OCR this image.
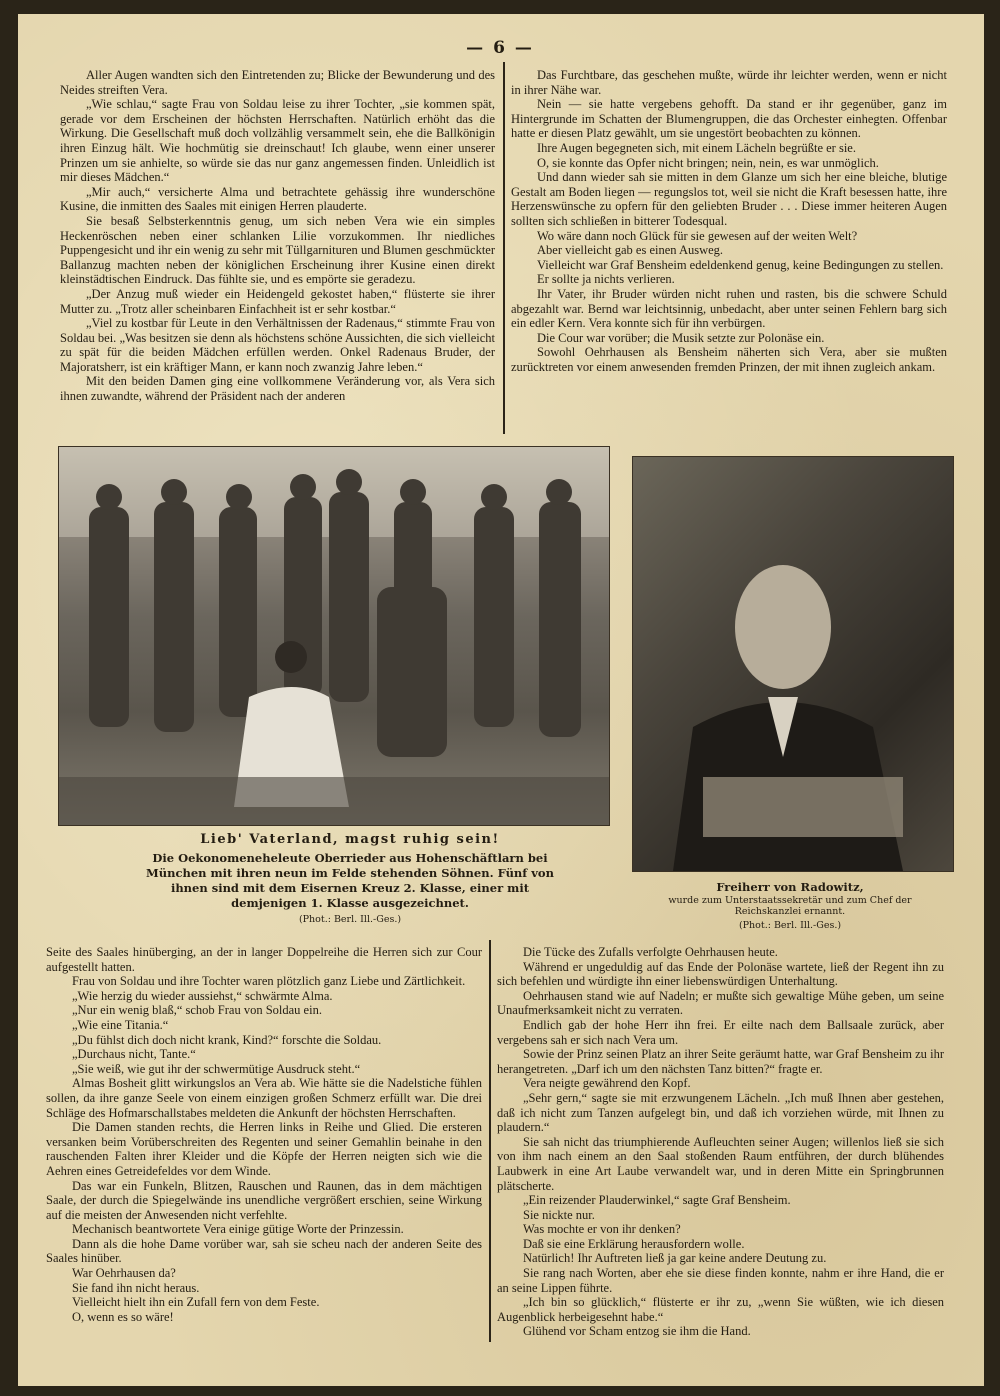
— 6 —

Aller Augen wandten sich den Eintretenden zu; Blicke der Bewunderung und des Neides streiften Vera.

„Wie schlau,“ sagte Frau von Soldau leise zu ihrer Tochter, „sie kommen spät, gerade vor dem Erscheinen der höchsten Herrschaften. Natürlich erhöht das die Wirkung. Die Gesellschaft muß doch vollzählig versammelt sein, ehe die Ballkönigin ihren Einzug hält. Wie hochmütig sie dreinschaut! Ich glaube, wenn einer unserer Prinzen um sie anhielte, so würde sie das nur ganz angemessen finden. Unleidlich ist mir dieses Mädchen.“

„Mir auch,“ versicherte Alma und betrachtete gehässig ihre wunderschöne Kusine, die inmitten des Saales mit einigen Herren plauderte.

Sie besaß Selbsterkenntnis genug, um sich neben Vera wie ein simples Heckenröschen neben einer schlanken Lilie vorzukommen. Ihr niedliches Puppengesicht und ihr ein wenig zu sehr mit Tüllgarnituren und Blumen geschmückter Ballanzug machten neben der königlichen Erscheinung ihrer Kusine einen direkt kleinstädtischen Eindruck. Das fühlte sie, und es empörte sie geradezu.

„Der Anzug muß wieder ein Heidengeld gekostet haben,“ flüsterte sie ihrer Mutter zu. „Trotz aller scheinbaren Einfachheit ist er sehr kostbar.“

„Viel zu kostbar für Leute in den Verhältnissen der Radenaus,“ stimmte Frau von Soldau bei. „Was besitzen sie denn als höchstens schöne Aussichten, die sich vielleicht zu spät für die beiden Mädchen erfüllen werden. Onkel Radenaus Bruder, der Majoratsherr, ist ein kräftiger Mann, er kann noch zwanzig Jahre leben.“

Mit den beiden Damen ging eine vollkommene Veränderung vor, als Vera sich ihnen zuwandte, während der Präsident nach der anderen

Das Furchtbare, das geschehen mußte, würde ihr leichter werden, wenn er nicht in ihrer Nähe war.

Nein — sie hatte vergebens gehofft. Da stand er ihr gegenüber, ganz im Hintergrunde im Schatten der Blumengruppen, die das Orchester einhegten. Offenbar hatte er diesen Platz gewählt, um sie ungestört beobachten zu können.

Ihre Augen begegneten sich, mit einem Lächeln begrüßte er sie.

O, sie konnte das Opfer nicht bringen; nein, nein, es war unmöglich.

Und dann wieder sah sie mitten in dem Glanze um sich her eine bleiche, blutige Gestalt am Boden liegen — regungslos tot, weil sie nicht die Kraft besessen hatte, ihre Herzenswünsche zu opfern für den geliebten Bruder . . . Diese immer heiteren Augen sollten sich schließen in bitterer Todesqual.

Wo wäre dann noch Glück für sie gewesen auf der weiten Welt?

Aber vielleicht gab es einen Ausweg.

Vielleicht war Graf Bensheim edeldenkend genug, keine Bedingungen zu stellen.

Er sollte ja nichts verlieren.

Ihr Vater, ihr Bruder würden nicht ruhen und rasten, bis die schwere Schuld abgezahlt war. Bernd war leichtsinnig, unbedacht, aber unter seinen Fehlern barg sich ein edler Kern. Vera konnte sich für ihn verbürgen.

Die Cour war vorüber; die Musik setzte zur Polonäse ein.

Sowohl Oehrhausen als Bensheim näherten sich Vera, aber sie mußten zurücktreten vor einem anwesenden fremden Prinzen, der mit ihnen zugleich ankam.

Lieb' Vaterland, magst ruhig sein!
Die Oekonomeneheleute Oberrieder aus Hohenschäftlarn bei München mit ihren neun im Felde stehenden Söhnen. Fünf von ihnen sind mit dem Eisernen Kreuz 2. Klasse, einer mit demjenigen 1. Klasse ausgezeichnet.
(Phot.: Berl. Ill.-Ges.)
Freiherr von Radowitz,
wurde zum Unterstaatssekretär und zum Chef der Reichskanzlei ernannt.
(Phot.: Berl. Ill.-Ges.)

Seite des Saales hinüberging, an der in langer Doppelreihe die Herren sich zur Cour aufgestellt hatten.

Frau von Soldau und ihre Tochter waren plötzlich ganz Liebe und Zärtlichkeit.

„Wie herzig du wieder aussiehst,“ schwärmte Alma.

„Nur ein wenig blaß,“ schob Frau von Soldau ein.

„Wie eine Titania.“

„Du fühlst dich doch nicht krank, Kind?“ forschte die Soldau.

„Durchaus nicht, Tante.“

„Sie weiß, wie gut ihr der schwermütige Ausdruck steht.“

Almas Bosheit glitt wirkungslos an Vera ab. Wie hätte sie die Nadelstiche fühlen sollen, da ihre ganze Seele von einem einzigen großen Schmerz erfüllt war. Die drei Schläge des Hofmarschallstabes meldeten die Ankunft der höchsten Herrschaften.

Die Damen standen rechts, die Herren links in Reihe und Glied. Die ersteren versanken beim Vorüberschreiten des Regenten und seiner Gemahlin beinahe in den rauschenden Falten ihrer Kleider und die Köpfe der Herren neigten sich wie die Aehren eines Getreidefeldes vor dem Winde.

Das war ein Funkeln, Blitzen, Rauschen und Raunen, das in dem mächtigen Saale, der durch die Spiegelwände ins unendliche vergrößert erschien, seine Wirkung auf die meisten der Anwesenden nicht verfehlte.

Mechanisch beantwortete Vera einige gütige Worte der Prinzessin.

Dann als die hohe Dame vorüber war, sah sie scheu nach der anderen Seite des Saales hinüber.

War Oehrhausen da?

Sie fand ihn nicht heraus.

Vielleicht hielt ihn ein Zufall fern von dem Feste.

O, wenn es so wäre!

Die Tücke des Zufalls verfolgte Oehrhausen heute.

Während er ungeduldig auf das Ende der Polonäse wartete, ließ der Regent ihn zu sich befehlen und würdigte ihn einer liebenswürdigen Unterhaltung.

Oehrhausen stand wie auf Nadeln; er mußte sich gewaltige Mühe geben, um seine Unaufmerksamkeit nicht zu verraten.

Endlich gab der hohe Herr ihn frei. Er eilte nach dem Ballsaale zurück, aber vergebens sah er sich nach Vera um.

Sowie der Prinz seinen Platz an ihrer Seite geräumt hatte, war Graf Bensheim zu ihr herangetreten. „Darf ich um den nächsten Tanz bitten?“ fragte er.

Vera neigte gewährend den Kopf.

„Sehr gern,“ sagte sie mit erzwungenem Lächeln. „Ich muß Ihnen aber gestehen, daß ich nicht zum Tanzen aufgelegt bin, und daß ich vorziehen würde, mit Ihnen zu plaudern.“

Sie sah nicht das triumphierende Aufleuchten seiner Augen; willenlos ließ sie sich von ihm nach einem an den Saal stoßenden Raum entführen, der durch blühendes Laubwerk in eine Art Laube verwandelt war, und in deren Mitte ein Springbrunnen plätscherte.

„Ein reizender Plauderwinkel,“ sagte Graf Bensheim.

Sie nickte nur.

Was mochte er von ihr denken?

Daß sie eine Erklärung herausfordern wolle.

Natürlich! Ihr Auftreten ließ ja gar keine andere Deutung zu.

Sie rang nach Worten, aber ehe sie diese finden konnte, nahm er ihre Hand, die er an seine Lippen führte.

„Ich bin so glücklich,“ flüsterte er ihr zu, „wenn Sie wüßten, wie ich diesen Augenblick herbeigesehnt habe.“

Glühend vor Scham entzog sie ihm die Hand.
